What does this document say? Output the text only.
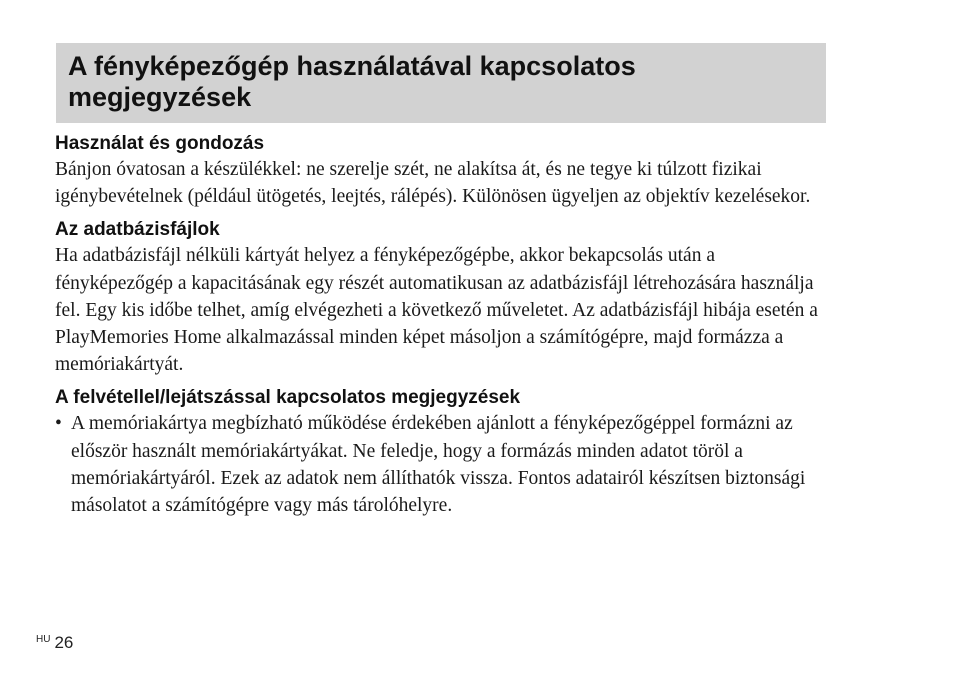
A fényképezőgép használatával kapcsolatos megjegyzések
Használat és gondozás

Bánjon óvatosan a készülékkel: ne szerelje szét, ne alakítsa át, és ne tegye ki túlzott fizikai igénybevételnek (például ütögetés, leejtés, rálépés). Különösen ügyeljen az objektív kezelésekor.

Az adatbázisfájlok

Ha adatbázisfájl nélküli kártyát helyez a fényképezőgépbe, akkor bekapcsolás után a fényképezőgép a kapacitásának egy részét automatikusan az adatbázisfájl létrehozására használja fel. Egy kis időbe telhet, amíg elvégezheti a következő műveletet. Az adatbázisfájl hibája esetén a PlayMemories Home alkalmazással minden képet másoljon a számítógépre, majd formázza a memóriakártyát.

A felvétellel/lejátszással kapcsolatos megjegyzések
• A memóriakártya megbízható működése érdekében ajánlott a fényképezőgéppel formázni az először használt memóriakártyákat. Ne feledje, hogy a formázás minden adatot töröl a memóriakártyáról. Ezek az adatok nem állíthatók vissza. Fontos adatairól készítsen biztonsági másolatot a számítógépre vagy más tárolóhelyre.
$^{HU}$ 26
